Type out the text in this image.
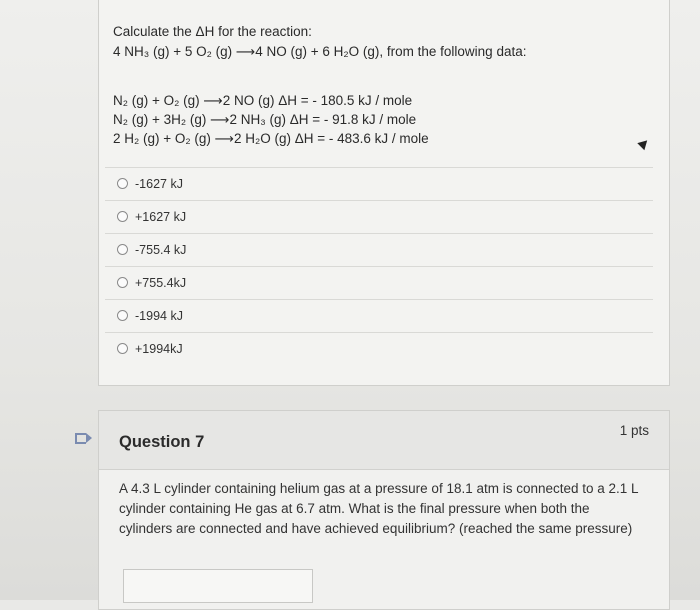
Calculate the ΔH for the reaction:
4 NH₃ (g) + 5 O₂ (g) ⟶4 NO (g) + 6 H₂O (g), from the following data:
N₂ (g) + O₂ (g) ⟶2 NO (g) ΔH = - 180.5 kJ / mole
N₂ (g) + 3H₂ (g) ⟶2 NH₃ (g) ΔH = - 91.8 kJ / mole
2 H₂ (g) + O₂ (g) ⟶2 H₂O (g) ΔH = - 483.6 kJ / mole
-1627 kJ
+1627 kJ
-755.4 kJ
+755.4kJ
-1994 kJ
+1994kJ
Question 7
1 pts
A 4.3 L cylinder containing helium gas at a pressure of 18.1 atm is connected to a 2.1 L cylinder containing He gas at 6.7 atm. What is the final pressure when both the cylinders are connected and have achieved equilibrium? (reached the same pressure)
